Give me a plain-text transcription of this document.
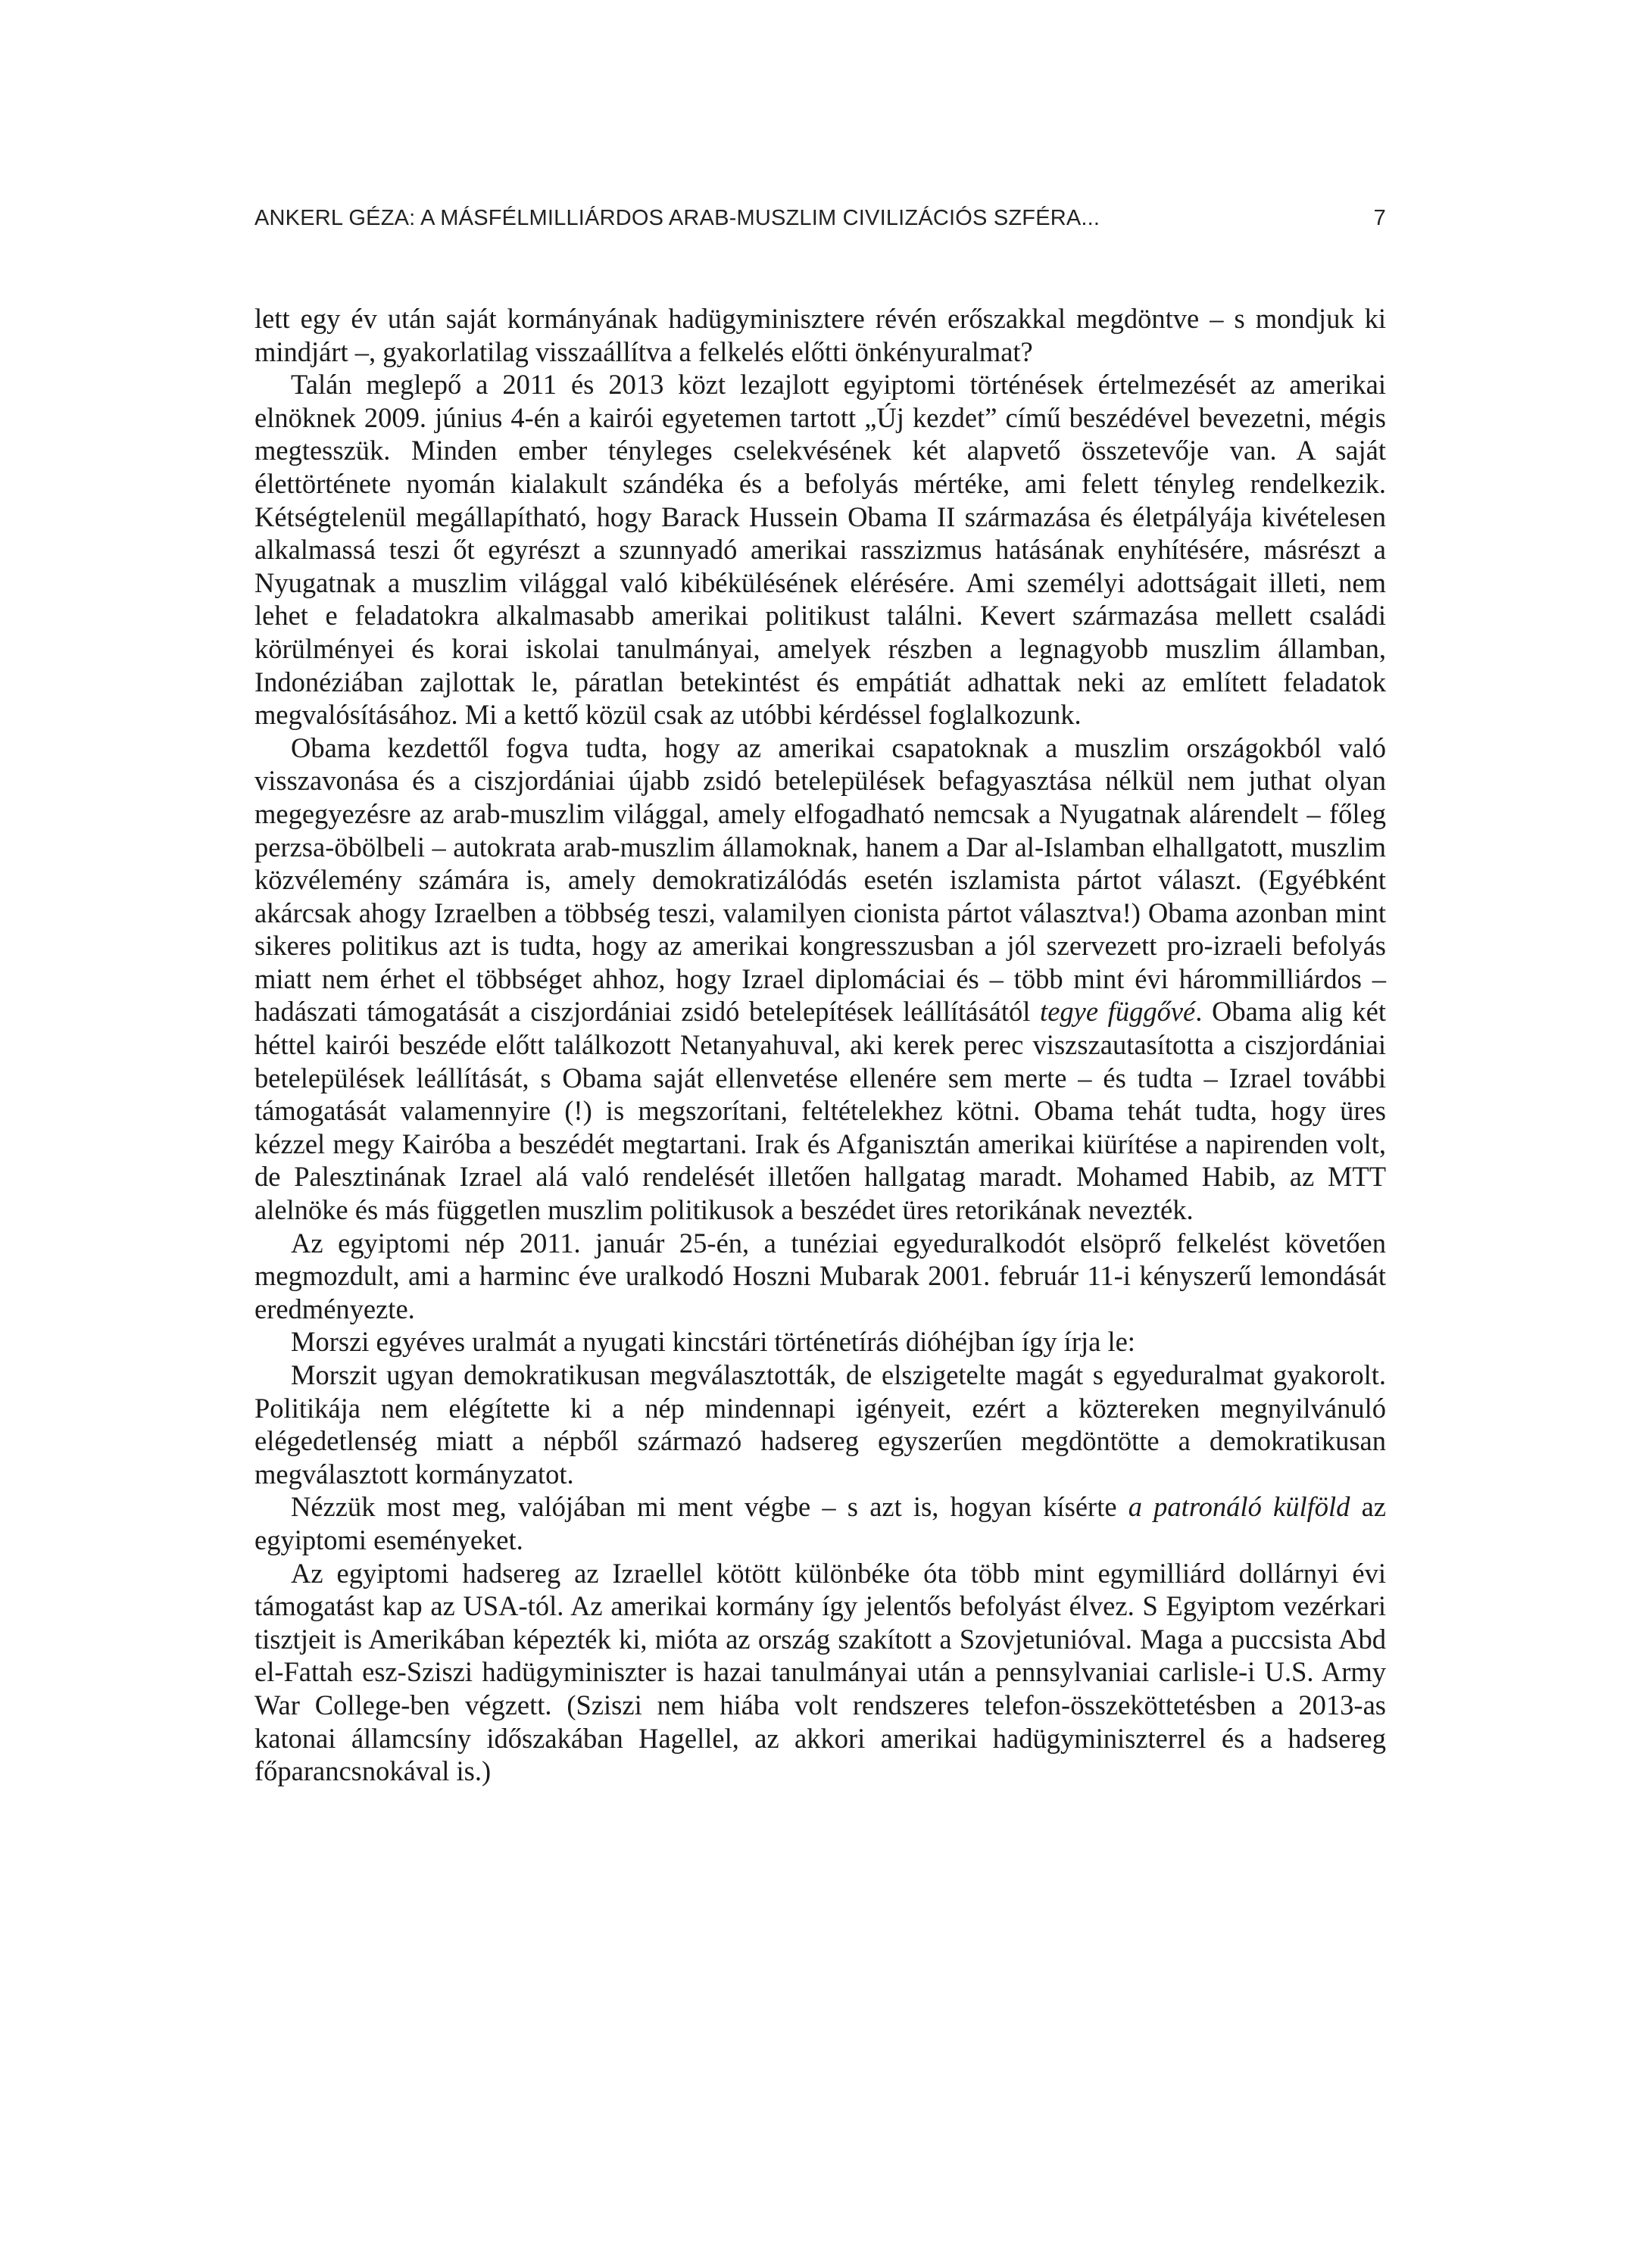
ANKERL GÉZA: A MÁSFÉLMILLIÁRDOS ARAB-MUSZLIM CIVILIZÁCIÓS SZFÉRA...	7

lett egy év után saját kormányának hadügyminisztere révén erőszakkal megdöntve – s mondjuk ki mindjárt –, gyakorlatilag visszaállítva a felkelés előtti önkényuralmat?

Talán meglepő a 2011 és 2013 közt lezajlott egyiptomi történések értelmezését az amerikai elnöknek 2009. június 4-én a kairói egyetemen tartott „Új kezdet” című beszédével bevezetni, mégis megtesszük. Minden ember tényleges cselekvésének két alapvető összetevője van. A saját élettörténete nyomán kialakult szándéka és a befolyás mértéke, ami felett tényleg rendelkezik. Kétségtelenül megállapítható, hogy Barack Hussein Obama II származása és életpályája kivételesen alkalmassá teszi őt egyrészt a szunnyadó amerikai rasszizmus hatásának enyhítésére, másrészt a Nyugatnak a muszlim világgal való kibékülésének elérésére. Ami személyi adottságait illeti, nem lehet e feladatokra alkalmasabb amerikai politikust találni. Kevert származása mellett családi körülményei és korai iskolai tanulmányai, amelyek részben a legnagyobb muszlim államban, Indonéziában zajlottak le, páratlan betekintést és empátiát adhattak neki az említett feladatok megvalósításához. Mi a kettő közül csak az utóbbi kérdéssel foglalkozunk.

Obama kezdettől fogva tudta, hogy az amerikai csapatoknak a muszlim országokból való visszavonása és a ciszjordániai újabb zsidó betelepülések befagyasztása nélkül nem juthat olyan megegyezésre az arab-muszlim világgal, amely elfogadható nemcsak a Nyugatnak alárendelt – főleg perzsa-öbölbeli – autokrata arab-muszlim államoknak, hanem a Dar al-Islamban elhallgatott, muszlim közvélemény számára is, amely demokratizálódás esetén iszlamista pártot választ. (Egyébként akárcsak ahogy Izraelben a többség teszi, valamilyen cionista pártot választva!) Obama azonban mint sikeres politikus azt is tudta, hogy az amerikai kongresszusban a jól szervezett pro-izraeli befolyás miatt nem érhet el többséget ahhoz, hogy Izrael diplomáciai és – több mint évi hárommilliárdos – hadászati támogatását a ciszjordániai zsidó betelepítések leállításától tegye függővé. Obama alig két héttel kairói beszéde előtt találkozott Netanyahuval, aki kerek perec viszszautasította a ciszjordániai betelepülések leállítását, s Obama saját ellenvetése ellenére sem merte – és tudta – Izrael további támogatását valamennyire (!) is megszorítani, feltételekhez kötni. Obama tehát tudta, hogy üres kézzel megy Kairóba a beszédét megtartani. Irak és Afganisztán amerikai kiürítése a napirenden volt, de Palesztinának Izrael alá való rendelését illetően hallgatag maradt. Mohamed Habib, az MTT alelnöke és más független muszlim politikusok a beszédet üres retorikának nevezték.

Az egyiptomi nép 2011. január 25-én, a tunéziai egyeduralkodót elsöprő felkelést követően megmozdult, ami a harminc éve uralkodó Hoszni Mubarak 2001. február 11-i kényszerű lemondását eredményezte.

Morszi egyéves uralmát a nyugati kincstári történetírás dióhéjban így írja le:

Morszit ugyan demokratikusan megválasztották, de elszigetelte magát s egyeduralmat gyakorolt. Politikája nem elégítette ki a nép mindennapi igényeit, ezért a köztereken megnyilvánuló elégedetlenség miatt a népből származó hadsereg egyszerűen megdöntötte a demokratikusan megválasztott kormányzatot.

Nézzük most meg, valójában mi ment végbe – s azt is, hogyan kísérte a patronáló külföld az egyiptomi eseményeket.

Az egyiptomi hadsereg az Izraellel kötött különbéke óta több mint egymilliárd dollárnyi évi támogatást kap az USA-tól. Az amerikai kormány így jelentős befolyást élvez. S Egyiptom vezérkari tisztjeit is Amerikában képezték ki, mióta az ország szakított a Szovjetunióval. Maga a puccsista Abd el-Fattah esz-Sziszi hadügyminiszter is hazai tanulmányai után a pennsylvaniai carlisle-i U.S. Army War College-ben végzett. (Sziszi nem hiába volt rendszeres telefon-összeköttetésben a 2013-as katonai államcsíny időszakában Hagellel, az akkori amerikai hadügyminiszterrel és a hadsereg főparancsnokával is.)
